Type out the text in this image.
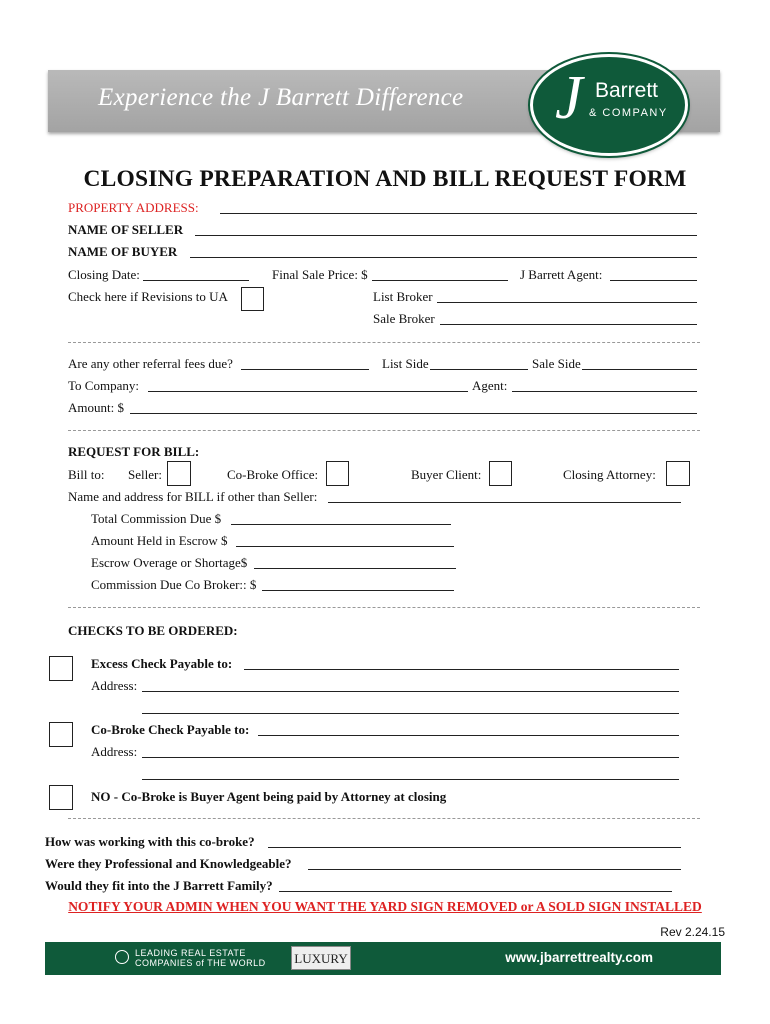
Experience the J Barrett Difference J Barrett
& COMPANY
CLOSING PREPARATION AND BILL REQUEST FORM
PROPERTY ADDRESS:
NAME OF SELLER
NAME OF BUYER
Closing Date:	Final Sale Price: $	J Barrett Agent:
Check here if Revisions to UA	List Broker
Sale Broker
Are any other referral fees due?	List Side	Sale Side
To Company:	Agent:
Amount: $
REQUEST FOR BILL:
Bill to: Seller:	Co-Broke Office:	Buyer Client:	Closing Attorney:
Name and address for BILL if other than Seller:
Total Commission Due $
Amount Held in Escrow $
Escrow Overage or Shortage$
Commission Due Co Broker:: $
CHECKS TO BE ORDERED:
Excess Check Payable to:
Address:
Co-Broke Check Payable to:
Address:
NO - Co-Broke is Buyer Agent being paid by Attorney at closing
How was working with this co-broke?
Were they Professional and Knowledgeable?
Would they fit into the J Barrett Family?
NOTIFY YOUR ADMIN WHEN YOU WANT THE YARD SIGN REMOVED or A SOLD SIGN INSTALLED
Rev 2.24.15
LEADING REAL ESTATE
COMPANIES of THE WORLD LUXURY	www.jbarrettrealty.com
